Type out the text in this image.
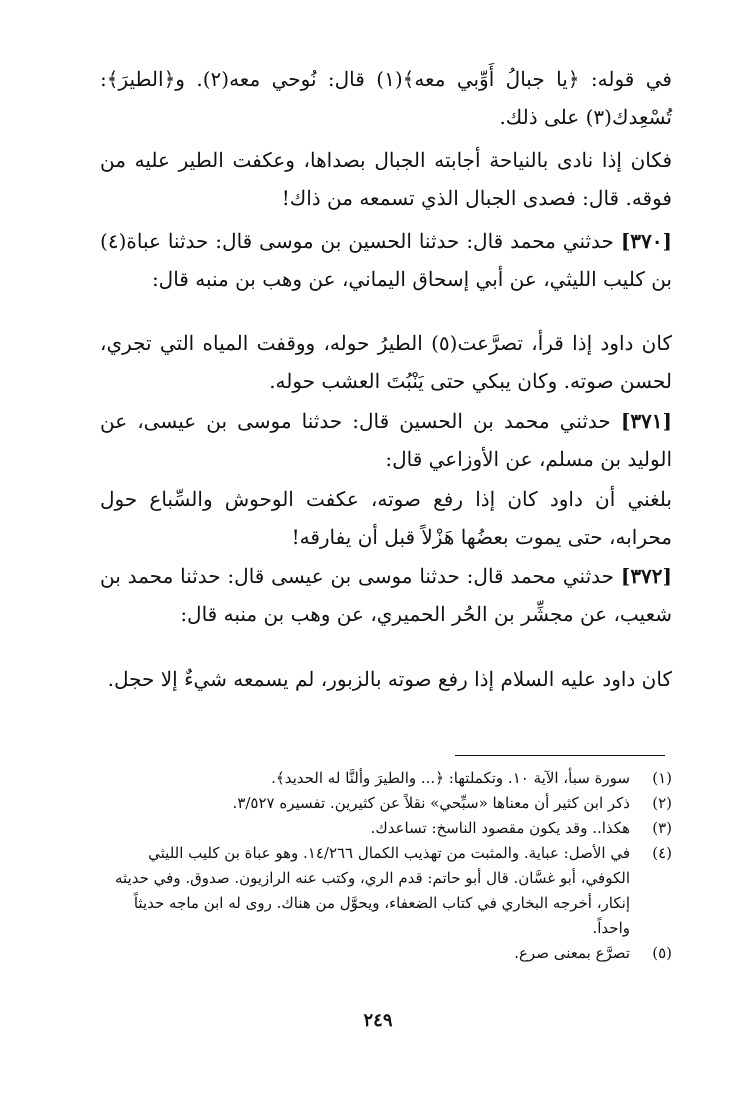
في قوله: ﴿يا جبالُ أَوِّبي معه﴾(١) قال: نُوحي معه(٢). و﴿الطيرَ﴾: تُسْعِدك(٣) على ذلك.

فكان إذا نادى بالنياحة أجابته الجبال بصداها، وعكفت الطير عليه من فوقه. قال: فصدى الجبال الذي تسمعه من ذاك!

[٣٧٠] حدثني محمد قال: حدثنا الحسين بن موسى قال: حدثنا عباة(٤) بن كليب الليثي، عن أبي إسحاق اليماني، عن وهب بن منبه قال:

كان داود إذا قرأ، تصرَّعت(٥) الطيرُ حوله، ووقفت المياه التي تجري، لحسن صوته. وكان يبكي حتى يَنْبُتَ العشب حوله.

[٣٧١] حدثني محمد بن الحسين قال: حدثنا موسى بن عيسى، عن الوليد بن مسلم، عن الأوزاعي قال:

بلغني أن داود كان إذا رفع صوته، عكفت الوحوش والسِّباع حول محرابه، حتى يموت بعضُها هَزْلاً قبل أن يفارقه!

[٣٧٢] حدثني محمد قال: حدثنا موسى بن عيسى قال: حدثنا محمد بن شعيب، عن مجشِّر بن الحُر الحميري، عن وهب بن منبه قال:

كان داود عليه السلام إذا رفع صوته بالزبور، لم يسمعه شيءٌ إلا حجل.

(١)
سورة سبأ، الآية ١٠. وتكملتها: ﴿... والطيرَ وألنَّا له الحديد﴾.
(٢)
ذكر ابن كثير أن معناها «سبِّحي» نقلاً عن كثيرين. تفسيره ٣/٥٢٧.
(٣)
هكذا.. وقد يكون مقصود الناسخ: تساعدك.
(٤)
في الأصل: عباية. والمثبت من تهذيب الكمال ١٤/٢٦٦. وهو عباة بن كليب الليثي الكوفي، أبو غسَّان. قال أبو حاتم: قدم الري، وكتب عنه الرازيون. صدوق. وفي حديثه إنكار، أخرجه البخاري في كتاب الضعفاء، ويحوَّل من هناك. روى له ابن ماجه حديثاً واحداً.
(٥)
تصرَّع بمعنى صرع.
٢٤٩
